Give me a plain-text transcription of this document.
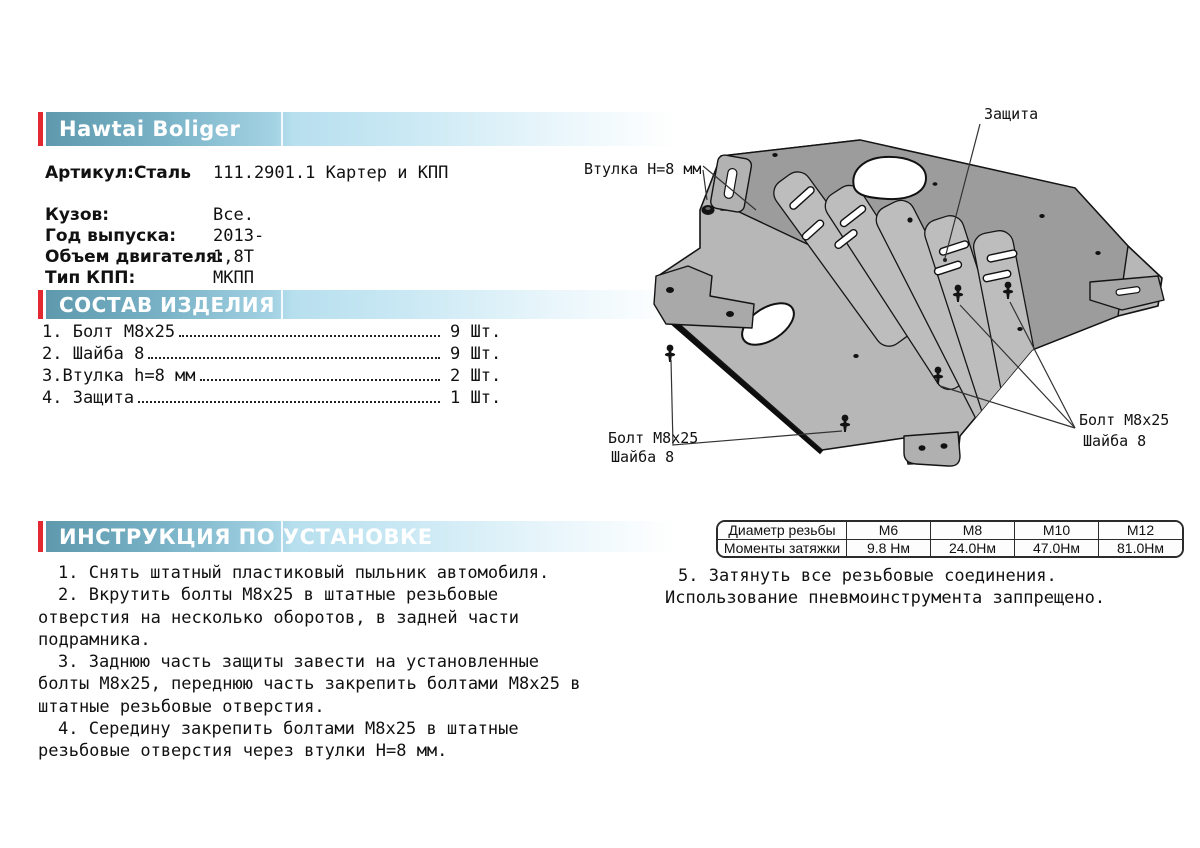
Hawtai Boliger
Артикул:Сталь 111.2901.1 Картер и КПП
Кузов:	Все.
Год выпуска: 2013-
Объем двигателя:
1,8Т
Тип КПП:	МКПП
СОСТАВ ИЗДЕЛИЯ
1. Болт М8х25	9 Шт.
2. Шайба 8	9 Шт.
3.Втулка h=8 мм	2 Шт.
4. Защита	1 Шт.
Защита
Втулка Н=8 мм
Болт М8х25
Шайба 8
Болт М8х25
Шайба 8
ИНСТРУКЦИЯ ПО УСТАНОВКЕ	Диаметр резьбы	М6	М8	М10	М12
Моменты затяжки	9.8 Нм	24.0Нм	47.0Нм	81.0Нм

1. Снять штатный пластиковый пыльник автомобиля.

2. Вкрутить болты М8х25 в штатные резьбовые отверстия на несколько оборотов, в задней части подрамника.

3. Заднюю часть защиты завести на установленные болты М8х25, переднюю часть закрепить болтами М8х25 в штатные резьбовые отверстия.

4. Середину закрепить болтами М8х25 в штатные резьбовые отверстия через втулки Н=8 мм.

5. Затянуть все резьбовые соединения.
Использование пневмоинструмента заппрещено.
